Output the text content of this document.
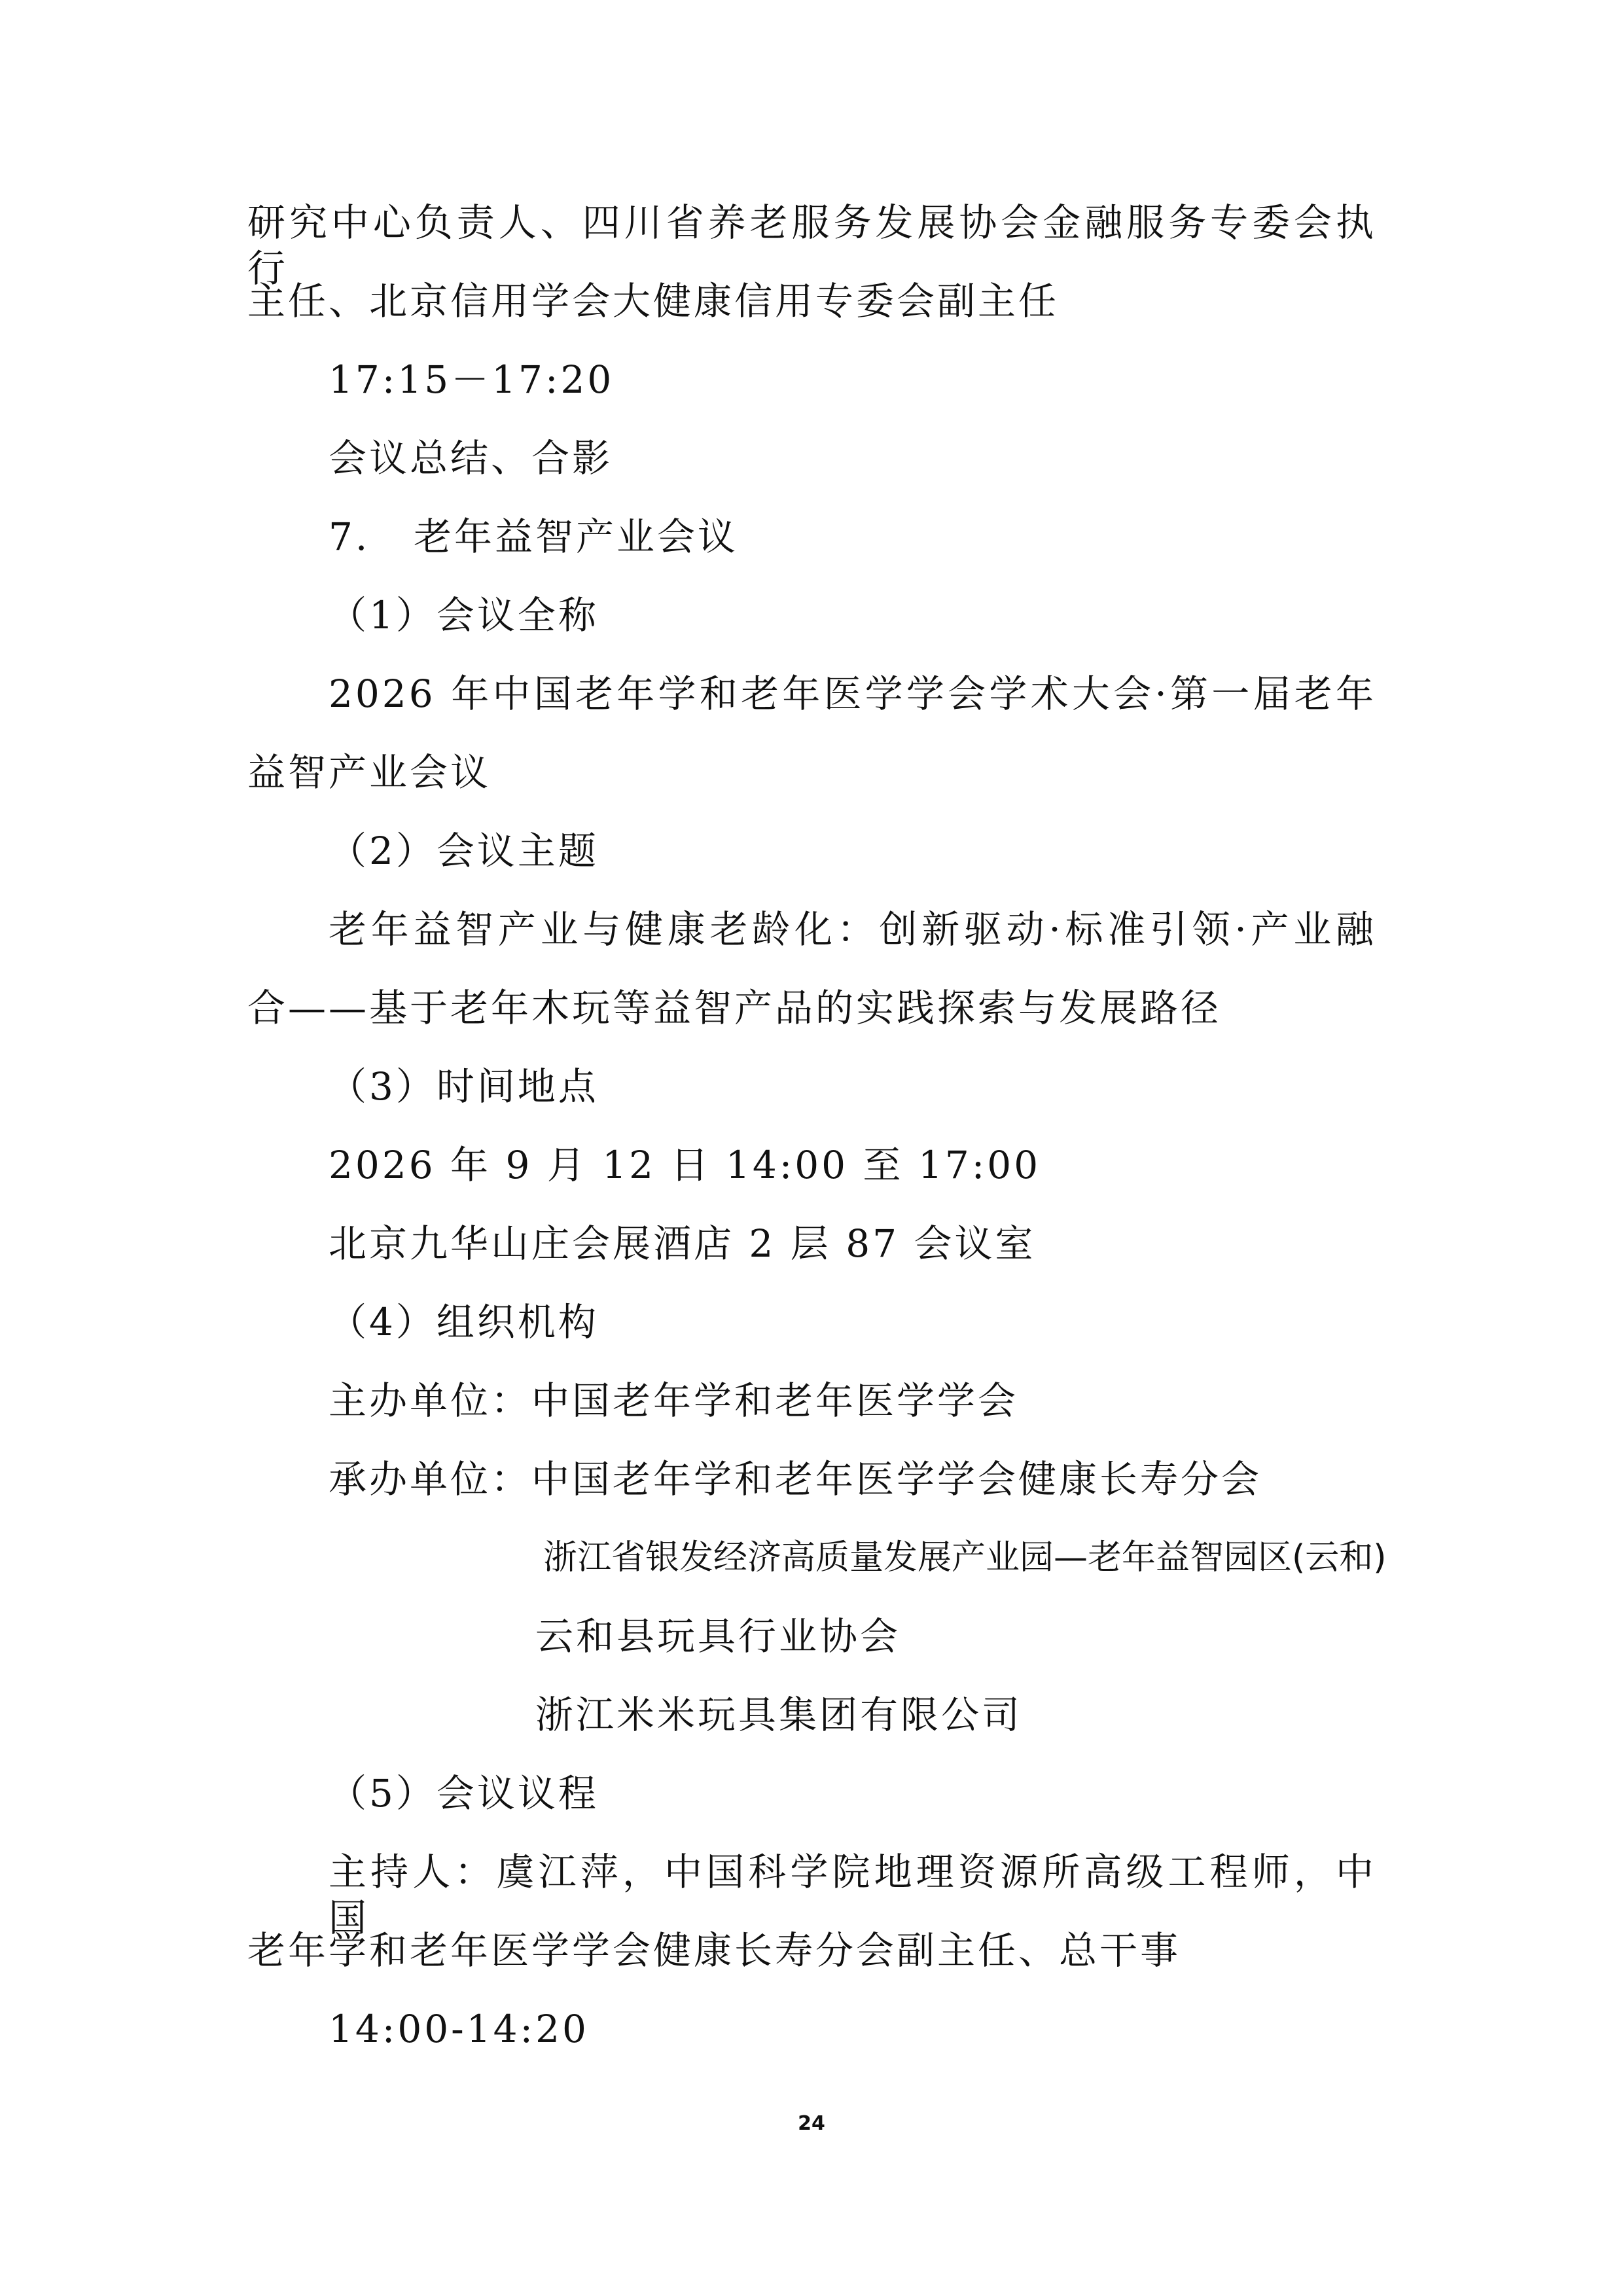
研究中心负责人、四川省养老服务发展协会金融服务专委会执行
主任、北京信用学会大健康信用专委会副主任
17:15－17:20
会议总结、合影
7. 老年益智产业会议
（1）会议全称
2026 年中国老年学和老年医学学会学术大会·第一届老年
益智产业会议
（2）会议主题
老年益智产业与健康老龄化：创新驱动·标准引领·产业融
合——基于老年木玩等益智产品的实践探索与发展路径
（3）时间地点
2026 年 9 月 12 日 14:00 至 17:00
北京九华山庄会展酒店 2 层 87 会议室
（4）组织机构
主办单位：中国老年学和老年医学学会
承办单位：中国老年学和老年医学学会健康长寿分会
浙江省银发经济高质量发展产业园—老年益智园区(云和)
云和县玩具行业协会
浙江米米玩具集团有限公司
（5）会议议程
主持人：虞江萍，中国科学院地理资源所高级工程师，中国
老年学和老年医学学会健康长寿分会副主任、总干事
14:00-14:20
24
